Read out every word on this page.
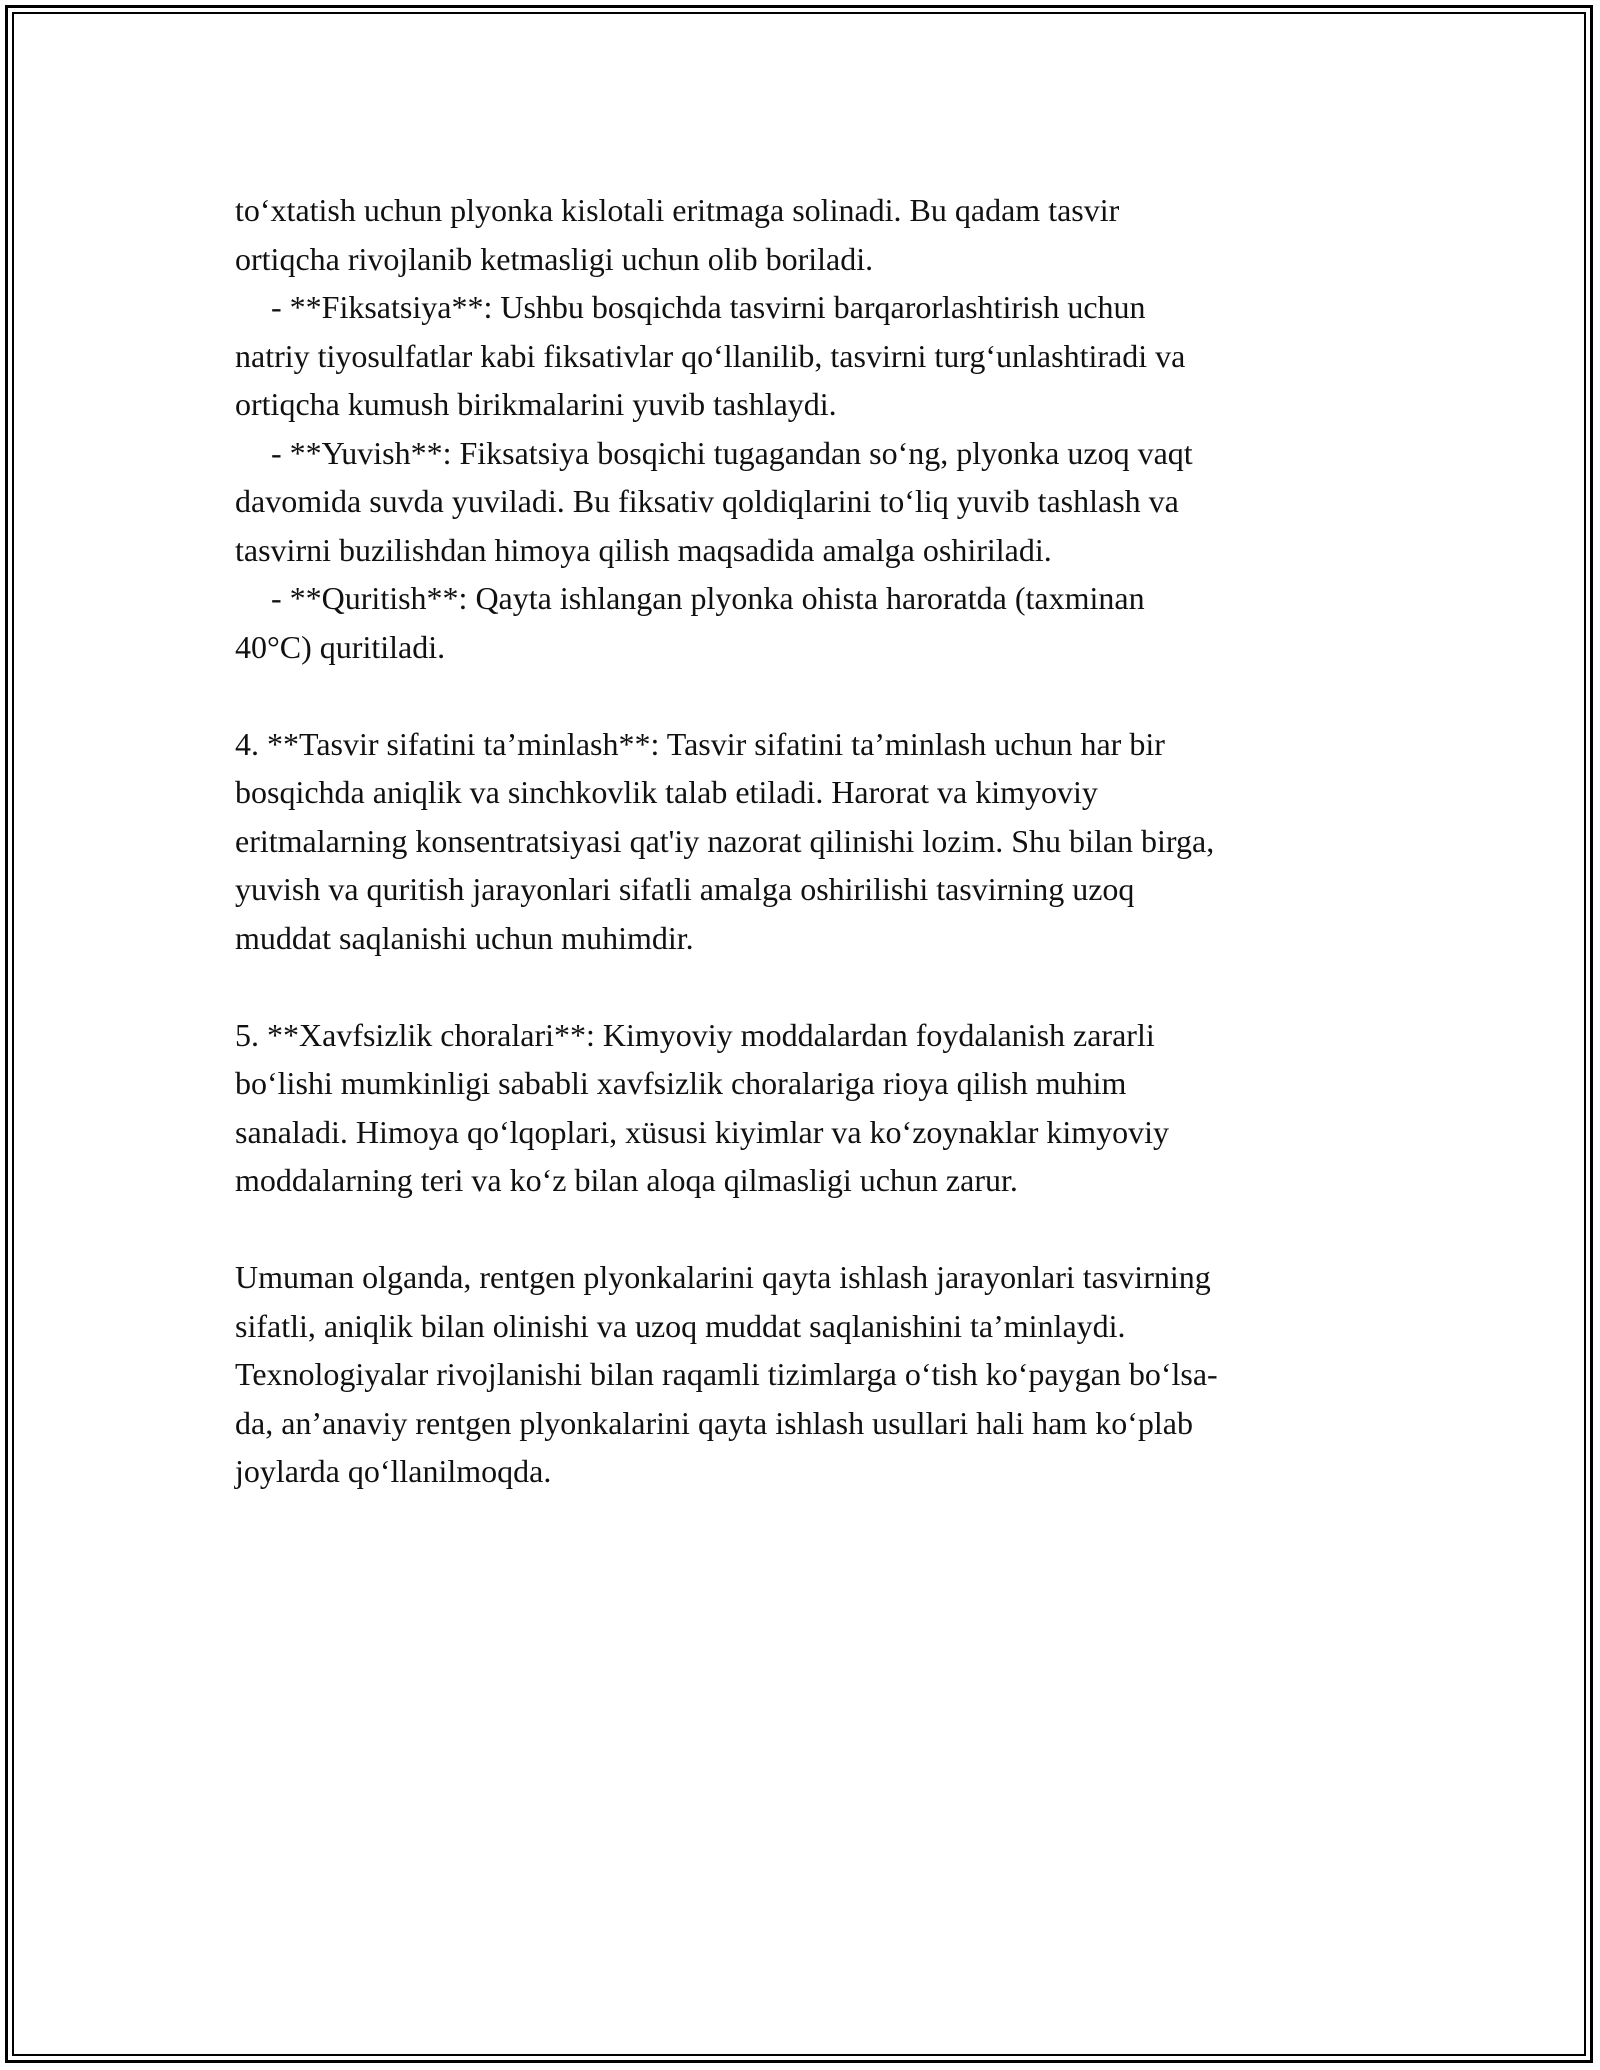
to‘xtatish uchun plyonka kislotali eritmaga solinadi. Bu qadam tasvir
ortiqcha rivojlanib ketmasligi uchun olib boriladi.
- **Fiksatsiya**: Ushbu bosqichda tasvirni barqarorlashtirish uchun
natriy tiyosulfatlar kabi fiksativlar qo‘llanilib, tasvirni turg‘unlashtiradi va
ortiqcha kumush birikmalarini yuvib tashlaydi.
- **Yuvish**: Fiksatsiya bosqichi tugagandan so‘ng, plyonka uzoq vaqt
davomida suvda yuviladi. Bu fiksativ qoldiqlarini to‘liq yuvib tashlash va
tasvirni buzilishdan himoya qilish maqsadida amalga oshiriladi.
- **Quritish**: Qayta ishlangan plyonka ohista haroratda (taxminan
40°C) quritiladi.
4. **Tasvir sifatini ta’minlash**: Tasvir sifatini ta’minlash uchun har bir
bosqichda aniqlik va sinchkovlik talab etiladi. Harorat va kimyoviy
eritmalarning konsentratsiyasi qat'iy nazorat qilinishi lozim. Shu bilan birga,
yuvish va quritish jarayonlari sifatli amalga oshirilishi tasvirning uzoq
muddat saqlanishi uchun muhimdir.
5. **Xavfsizlik choralari**: Kimyoviy moddalardan foydalanish zararli
bo‘lishi mumkinligi sababli xavfsizlik choralariga rioya qilish muhim
sanaladi. Himoya qo‘lqoplari, xüsusi kiyimlar va ko‘zoynaklar kimyoviy
moddalarning teri va ko‘z bilan aloqa qilmasligi uchun zarur.
Umuman olganda, rentgen plyonkalarini qayta ishlash jarayonlari tasvirning
sifatli, aniqlik bilan olinishi va uzoq muddat saqlanishini ta’minlaydi.
Texnologiyalar rivojlanishi bilan raqamli tizimlarga o‘tish ko‘paygan bo‘lsa-
da, an’anaviy rentgen plyonkalarini qayta ishlash usullari hali ham ko‘plab
joylarda qo‘llanilmoqda.
